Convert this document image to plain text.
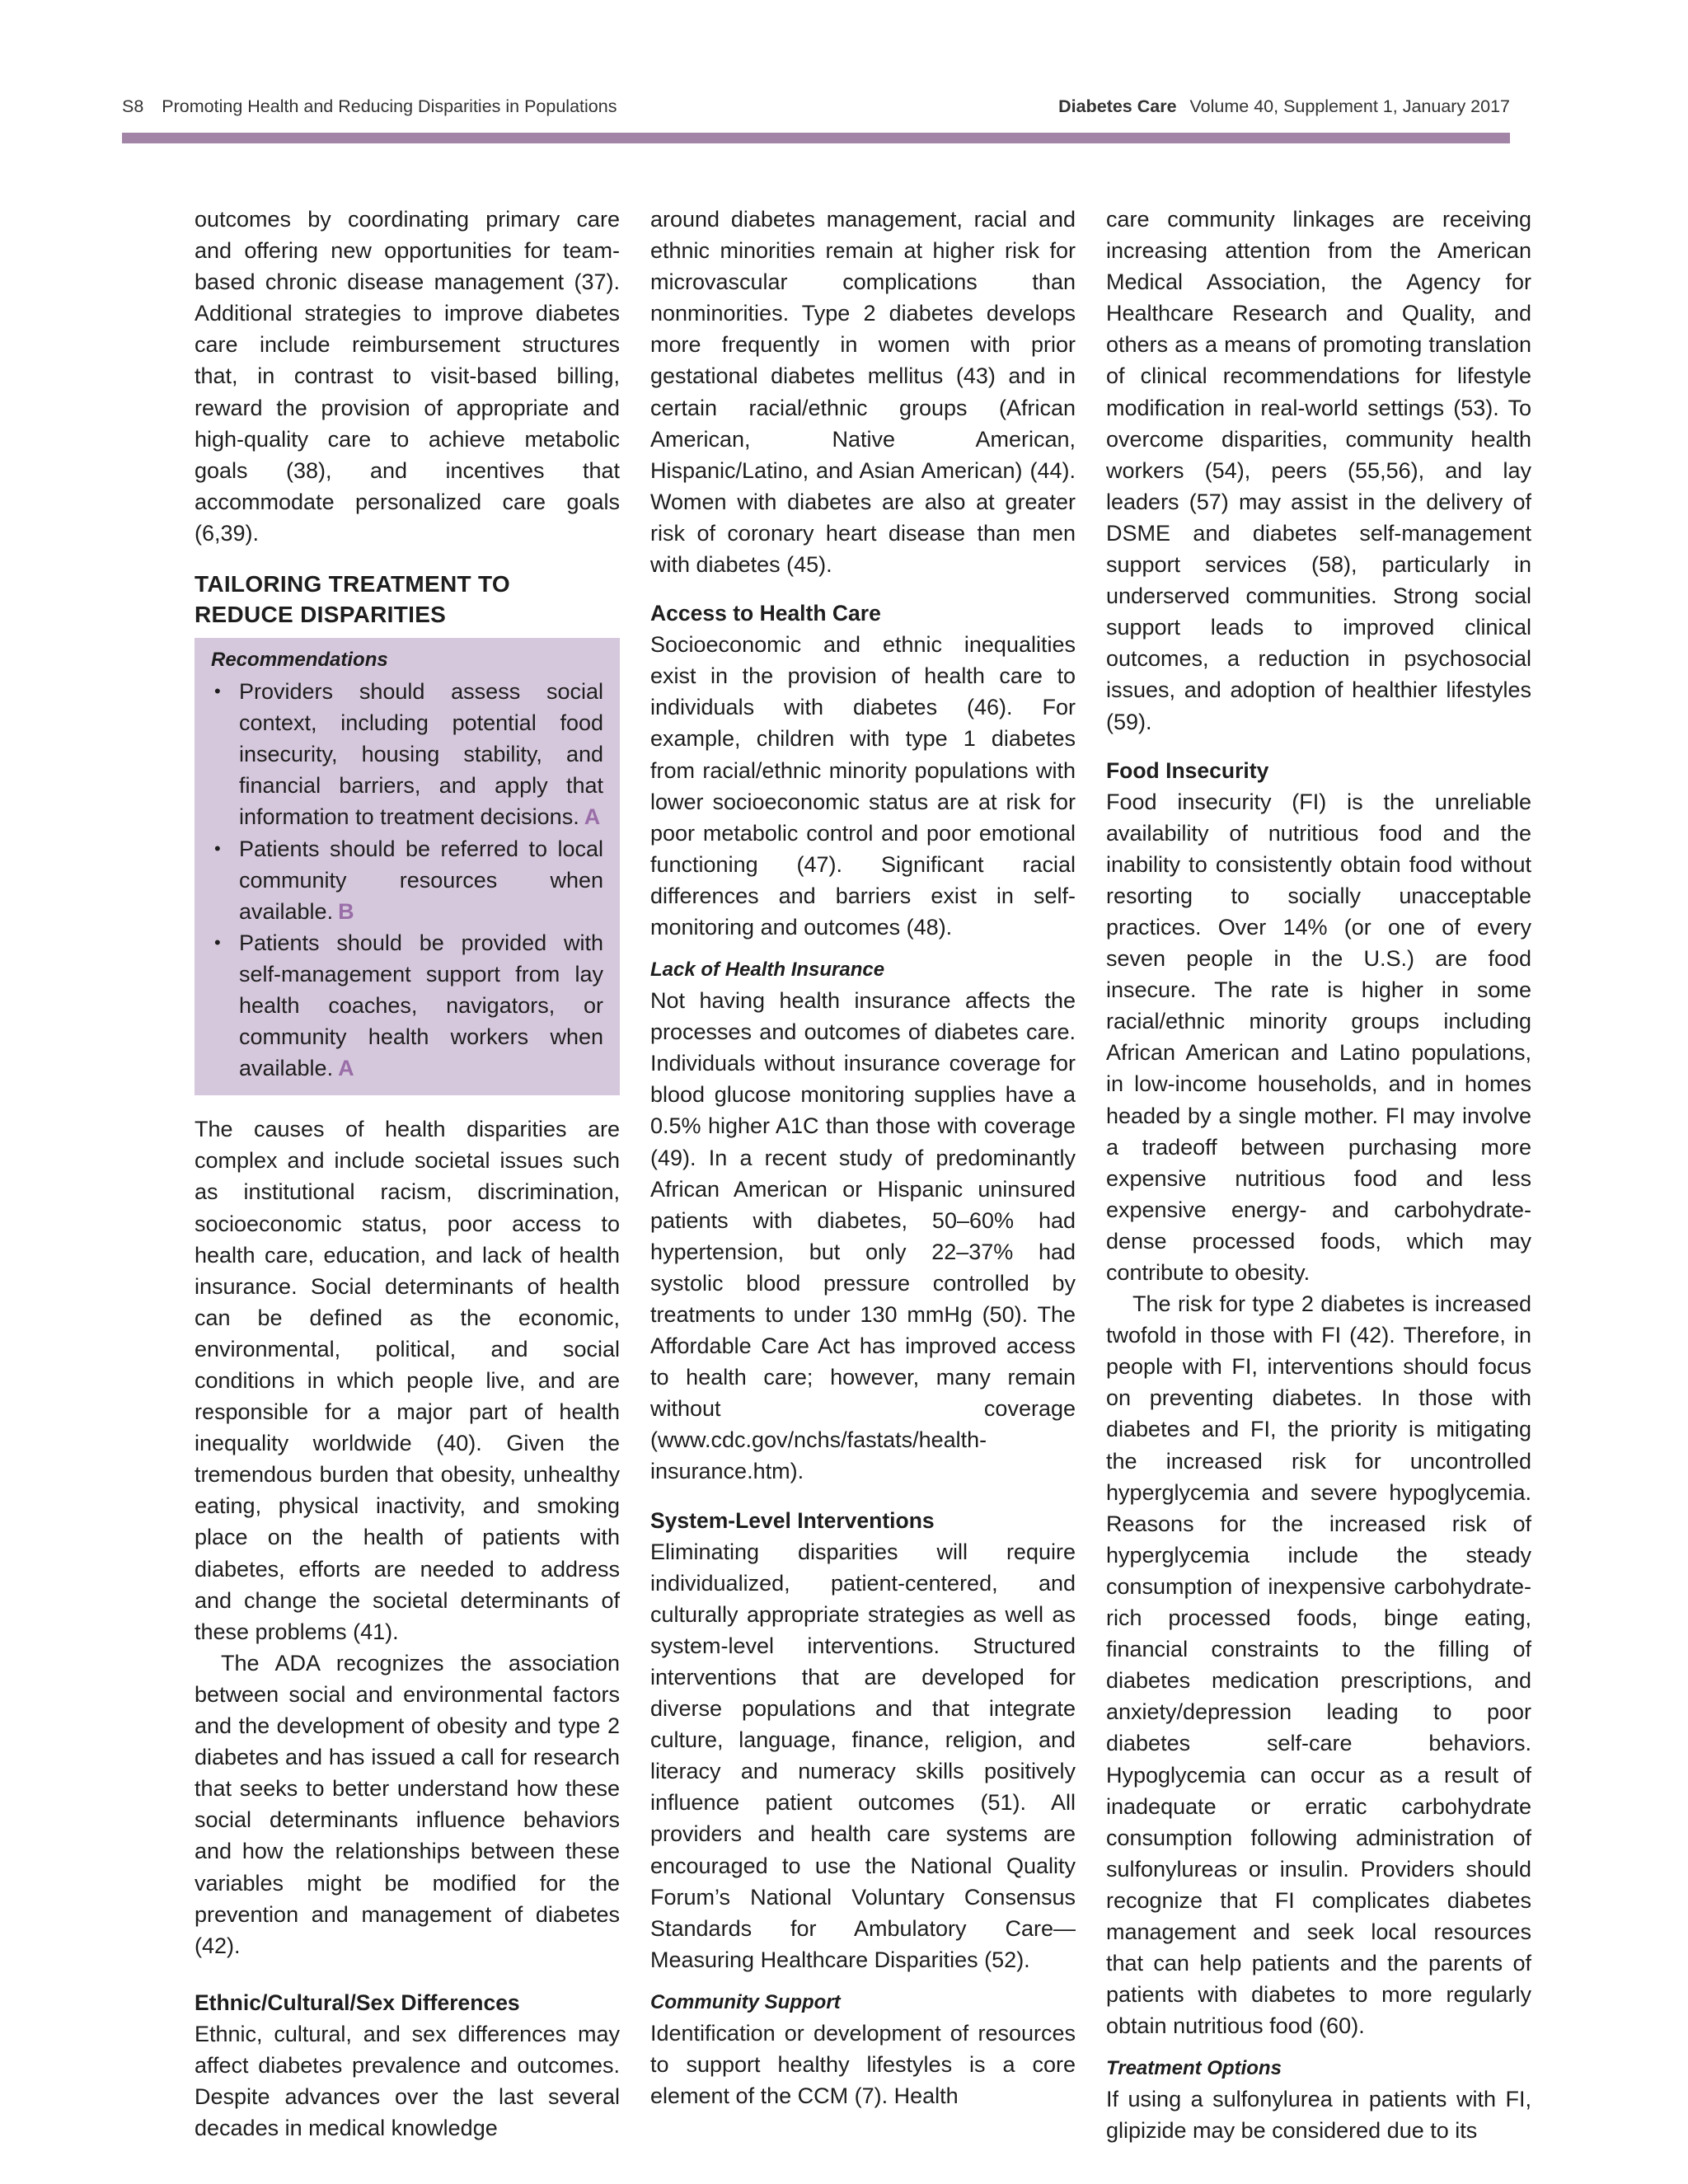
S8 Promoting Health and Reducing Disparities in Populations	Diabetes Care Volume 40, Supplement 1, January 2017

outcomes by coordinating primary care and offering new opportunities for team-based chronic disease management (37). Additional strategies to improve diabetes care include reimbursement structures that, in contrast to visit-based billing, reward the provision of appropriate and high-quality care to achieve metabolic goals (38), and incentives that accommodate personalized care goals (6,39).

TAILORING TREATMENT TO
REDUCE DISPARITIES
Recommendations
• Providers should assess social context, including potential food insecurity, housing stability, and financial barriers, and apply that information to treatment decisions. A
• Patients should be referred to local community resources when available. B
• Patients should be provided with self-management support from lay health coaches, navigators, or community health workers when available. A

The causes of health disparities are complex and include societal issues such as institutional racism, discrimination, socioeconomic status, poor access to health care, education, and lack of health insurance. Social determinants of health can be defined as the economic, environmental, political, and social conditions in which people live, and are responsible for a major part of health inequality worldwide (40). Given the tremendous burden that obesity, unhealthy eating, physical inactivity, and smoking place on the health of patients with diabetes, efforts are needed to address and change the societal determinants of these problems (41).

The ADA recognizes the association between social and environmental factors and the development of obesity and type 2 diabetes and has issued a call for research that seeks to better understand how these social determinants influence behaviors and how the relationships between these variables might be modified for the prevention and management of diabetes (42).

Ethnic/Cultural/Sex Differences

Ethnic, cultural, and sex differences may affect diabetes prevalence and outcomes. Despite advances over the last several decades in medical knowledge

around diabetes management, racial and ethnic minorities remain at higher risk for microvascular complications than nonminorities. Type 2 diabetes develops more frequently in women with prior gestational diabetes mellitus (43) and in certain racial/ethnic groups (African American, Native American, Hispanic/Latino, and Asian American) (44). Women with diabetes are also at greater risk of coronary heart disease than men with diabetes (45).

Access to Health Care

Socioeconomic and ethnic inequalities exist in the provision of health care to individuals with diabetes (46). For example, children with type 1 diabetes from racial/ethnic minority populations with lower socioeconomic status are at risk for poor metabolic control and poor emotional functioning (47). Significant racial differences and barriers exist in self-monitoring and outcomes (48).

Lack of Health Insurance

Not having health insurance affects the processes and outcomes of diabetes care. Individuals without insurance coverage for blood glucose monitoring supplies have a 0.5% higher A1C than those with coverage (49). In a recent study of predominantly African American or Hispanic uninsured patients with diabetes, 50–60% had hypertension, but only 22–37% had systolic blood pressure controlled by treatments to under 130 mmHg (50). The Affordable Care Act has improved access to health care; however, many remain without coverage (www.cdc.gov/nchs/fastats/health-insurance.htm).

System-Level Interventions

Eliminating disparities will require individualized, patient-centered, and culturally appropriate strategies as well as system-level interventions. Structured interventions that are developed for diverse populations and that integrate culture, language, finance, religion, and literacy and numeracy skills positively influence patient outcomes (51). All providers and health care systems are encouraged to use the National Quality Forum’s National Voluntary Consensus Standards for Ambulatory Care—Measuring Healthcare Disparities (52).

Community Support

Identification or development of resources to support healthy lifestyles is a core element of the CCM (7). Health

care community linkages are receiving increasing attention from the American Medical Association, the Agency for Healthcare Research and Quality, and others as a means of promoting translation of clinical recommendations for lifestyle modification in real-world settings (53). To overcome disparities, community health workers (54), peers (55,56), and lay leaders (57) may assist in the delivery of DSME and diabetes self-management support services (58), particularly in underserved communities. Strong social support leads to improved clinical outcomes, a reduction in psychosocial issues, and adoption of healthier lifestyles (59).

Food Insecurity

Food insecurity (FI) is the unreliable availability of nutritious food and the inability to consistently obtain food without resorting to socially unacceptable practices. Over 14% (or one of every seven people in the U.S.) are food insecure. The rate is higher in some racial/ethnic minority groups including African American and Latino populations, in low-income households, and in homes headed by a single mother. FI may involve a tradeoff between purchasing more expensive nutritious food and less expensive energy- and carbohydrate-dense processed foods, which may contribute to obesity.

The risk for type 2 diabetes is increased twofold in those with FI (42). Therefore, in people with FI, interventions should focus on preventing diabetes. In those with diabetes and FI, the priority is mitigating the increased risk for uncontrolled hyperglycemia and severe hypoglycemia. Reasons for the increased risk of hyperglycemia include the steady consumption of inexpensive carbohydrate-rich processed foods, binge eating, financial constraints to the filling of diabetes medication prescriptions, and anxiety/depression leading to poor diabetes self-care behaviors. Hypoglycemia can occur as a result of inadequate or erratic carbohydrate consumption following administration of sulfonylureas or insulin. Providers should recognize that FI complicates diabetes management and seek local resources that can help patients and the parents of patients with diabetes to more regularly obtain nutritious food (60).

Treatment Options

If using a sulfonylurea in patients with FI, glipizide may be considered due to its
